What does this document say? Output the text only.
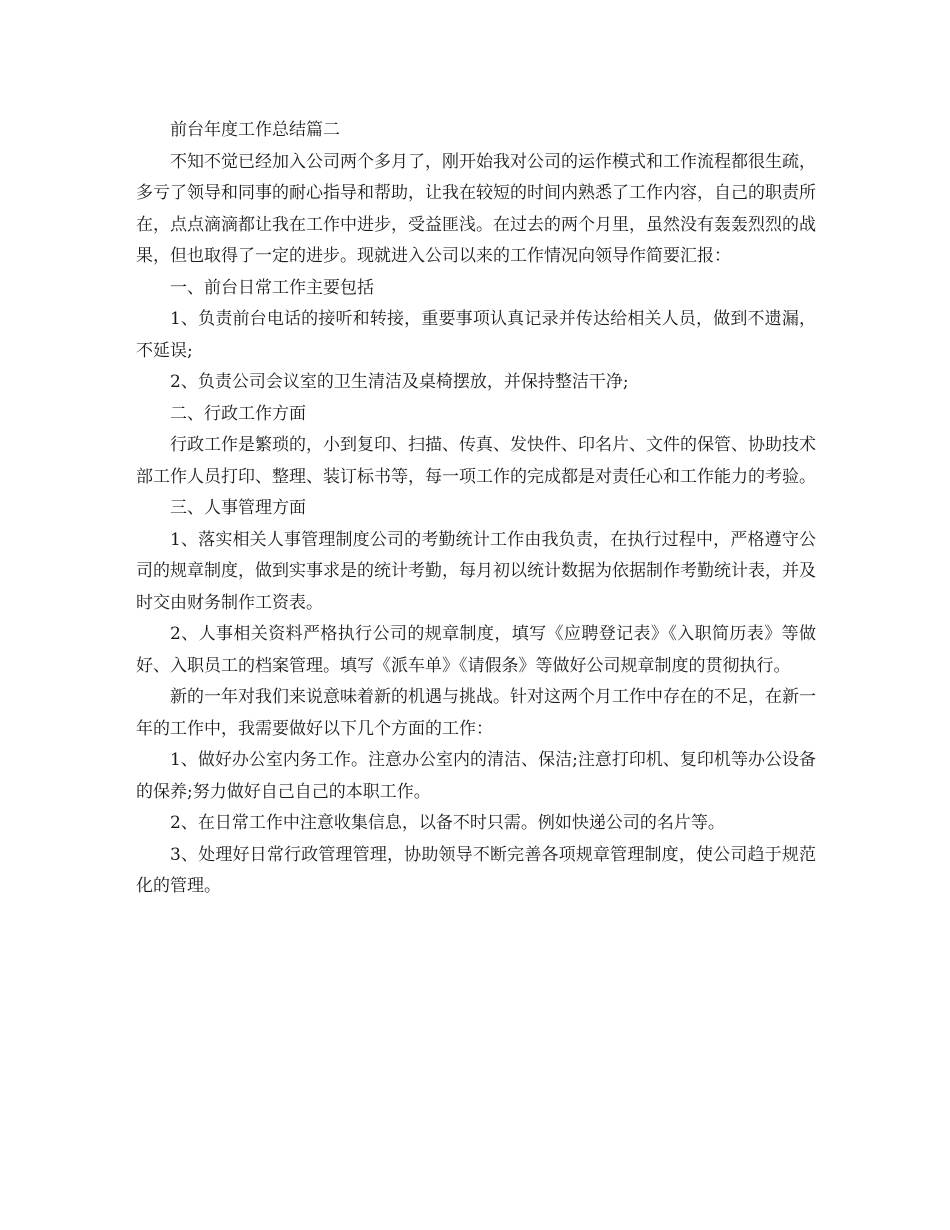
前台年度工作总结篇二

不知不觉已经加入公司两个多月了，刚开始我对公司的运作模式和工作流程都很生疏，多亏了领导和同事的耐心指导和帮助，让我在较短的时间内熟悉了工作内容，自己的职责所在，点点滴滴都让我在工作中进步，受益匪浅。在过去的两个月里，虽然没有轰轰烈烈的战果，但也取得了一定的进步。现就进入公司以来的工作情况向领导作简要汇报：

一、前台日常工作主要包括

1、负责前台电话的接听和转接，重要事项认真记录并传达给相关人员，做到不遗漏，不延误;

2、负责公司会议室的卫生清洁及桌椅摆放，并保持整洁干净;

二、行政工作方面

行政工作是繁琐的，小到复印、扫描、传真、发快件、印名片、文件的保管、协助技术部工作人员打印、整理、装订标书等，每一项工作的完成都是对责任心和工作能力的考验。

三、人事管理方面

1、落实相关人事管理制度公司的考勤统计工作由我负责，在执行过程中，严格遵守公司的规章制度，做到实事求是的统计考勤，每月初以统计数据为依据制作考勤统计表，并及时交由财务制作工资表。

2、人事相关资料严格执行公司的规章制度，填写《应聘登记表》《入职简历表》等做好、入职员工的档案管理。填写《派车单》《请假条》等做好公司规章制度的贯彻执行。

新的一年对我们来说意味着新的机遇与挑战。针对这两个月工作中存在的不足，在新一年的工作中，我需要做好以下几个方面的工作：

1、做好办公室内务工作。注意办公室内的清洁、保洁;注意打印机、复印机等办公设备的保养;努力做好自己自己的本职工作。

2、在日常工作中注意收集信息，以备不时只需。例如快递公司的名片等。

3、处理好日常行政管理管理，协助领导不断完善各项规章管理制度，使公司趋于规范化的管理。
